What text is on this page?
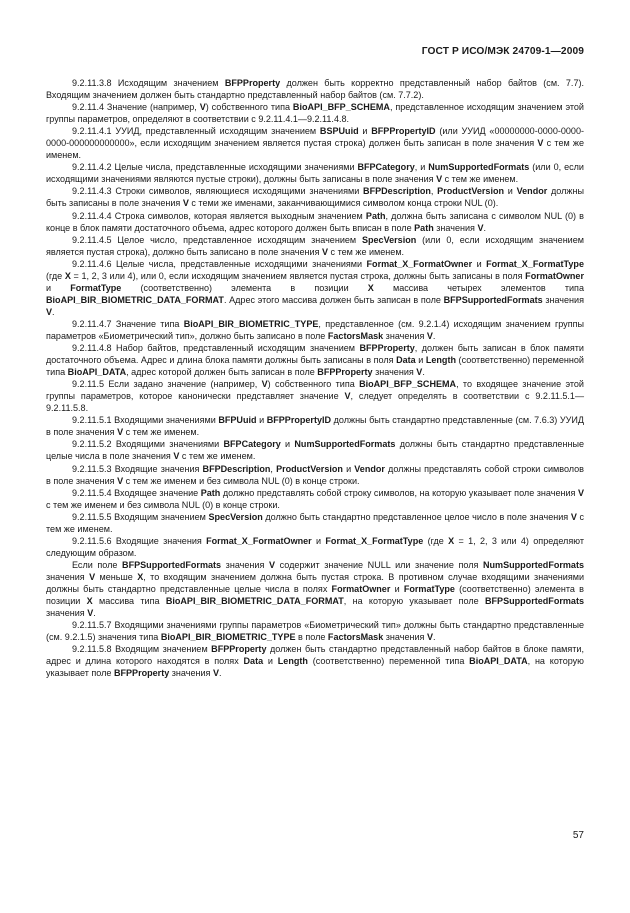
ГОСТ Р ИСО/МЭК 24709-1—2009

9.2.11.3.8 Исходящим значением BFPProperty должен быть корректно представленный набор байтов (см. 7.7). Входящим значением должен быть стандартно представленный набор байтов (см. 7.7.2).

9.2.11.4 Значение (например, V) собственного типа BioAPI_BFP_SCHEMA, представленное исходящим значением этой группы параметров, определяют в соответствии с 9.2.11.4.1—9.2.11.4.8.

9.2.11.4.1 УУИД, представленный исходящим значением BSPUuid и BFPPropertyID (или УУИД «00000000-0000-0000-0000-000000000000», если исходящим значением является пустая строка) должен быть записан в поле значения V с тем же именем.

9.2.11.4.2 Целые числа, представленные исходящими значениями BFPCategory, и NumSupportedFormats (или 0, если исходящими значениями являются пустые строки), должны быть записаны в поле значения V с тем же именем.

9.2.11.4.3 Строки символов, являющиеся исходящими значениями BFPDescription, ProductVersion и Vendor должны быть записаны в поле значения V с теми же именами, заканчивающимися символом конца строки NUL (0).

9.2.11.4.4 Строка символов, которая является выходным значением Path, должна быть записана с символом NUL (0) в конце в блок памяти достаточного объема, адрес которого должен быть вписан в поле Path значения V.

9.2.11.4.5 Целое число, представленное исходящим значением SpecVersion (или 0, если исходящим значением является пустая строка), должно быть записано в поле значения V с тем же именем.

9.2.11.4.6 Целые числа, представленные исходящими значениями Format_X_FormatOwner и Format_X_FormatType (где X = 1, 2, 3 или 4), или 0, если исходящим значением является пустая строка, должны быть записаны в поля FormatOwner и FormatType (соответственно) элемента в позиции X массива четырех элементов типа BioAPI_BIR_BIOMETRIC_DATA_FORMAT. Адрес этого массива должен быть записан в поле BFPSupportedFormats значения V.

9.2.11.4.7 Значение типа BioAPI_BIR_BIOMETRIC_TYPE, представленное (см. 9.2.1.4) исходящим значением группы параметров «Биометрический тип», должно быть записано в поле FactorsMask значения V.

9.2.11.4.8 Набор байтов, представленный исходящим значением BFPProperty, должен быть записан в блок памяти достаточного объема. Адрес и длина блока памяти должны быть записаны в поля Data и Length (соответственно) переменной типа BioAPI_DATA, адрес которой должен быть записан в поле BFPProperty значения V.

9.2.11.5 Если задано значение (например, V) собственного типа BioAPI_BFP_SCHEMA, то входящее значение этой группы параметров, которое канонически представляет значение V, следует определять в соответствии с 9.2.11.5.1—9.2.11.5.8.

9.2.11.5.1 Входящими значениями BFPUuid и BFPPropertyID должны быть стандартно представленные (см. 7.6.3) УУИД в поле значения V с тем же именем.

9.2.11.5.2 Входящими значениями BFPCategory и NumSupportedFormats должны быть стандартно представленные целые числа в поле значения V с тем же именем.

9.2.11.5.3 Входящие значения BFPDescription, ProductVersion и Vendor должны представлять собой строки символов в поле значения V с тем же именем и без символа NUL (0) в конце строки.

9.2.11.5.4 Входящее значение Path должно представлять собой строку символов, на которую указывает поле значения V с тем же именем и без символа NUL (0) в конце строки.

9.2.11.5.5 Входящим значением SpecVersion должно быть стандартно представленное целое число в поле значения V с тем же именем.

9.2.11.5.6 Входящие значения Format_X_FormatOwner и Format_X_FormatType (где X = 1, 2, 3 или 4) определяют следующим образом.

Если поле BFPSupportedFormats значения V содержит значение NULL или значение поля NumSupportedFormats значения V меньше X, то входящим значением должна быть пустая строка. В противном случае входящими значениями должны быть стандартно представленные целые числа в полях FormatOwner и FormatType (соответственно) элемента в позиции X массива типа BioAPI_BIR_BIOMETRIC_DATA_FORMAT, на которую указывает поле BFPSupportedFormats значения V.

9.2.11.5.7 Входящими значениями группы параметров «Биометрический тип» должны быть стандартно представленные (см. 9.2.1.5) значения типа BioAPI_BIR_BIOMETRIC_TYPE в поле FactorsMask значения V.

9.2.11.5.8 Входящим значением BFPProperty должен быть стандартно представленный набор байтов в блоке памяти, адрес и длина которого находятся в полях Data и Length (соответственно) переменной типа BioAPI_DATA, на которую указывает поле BFPProperty значения V.

57
